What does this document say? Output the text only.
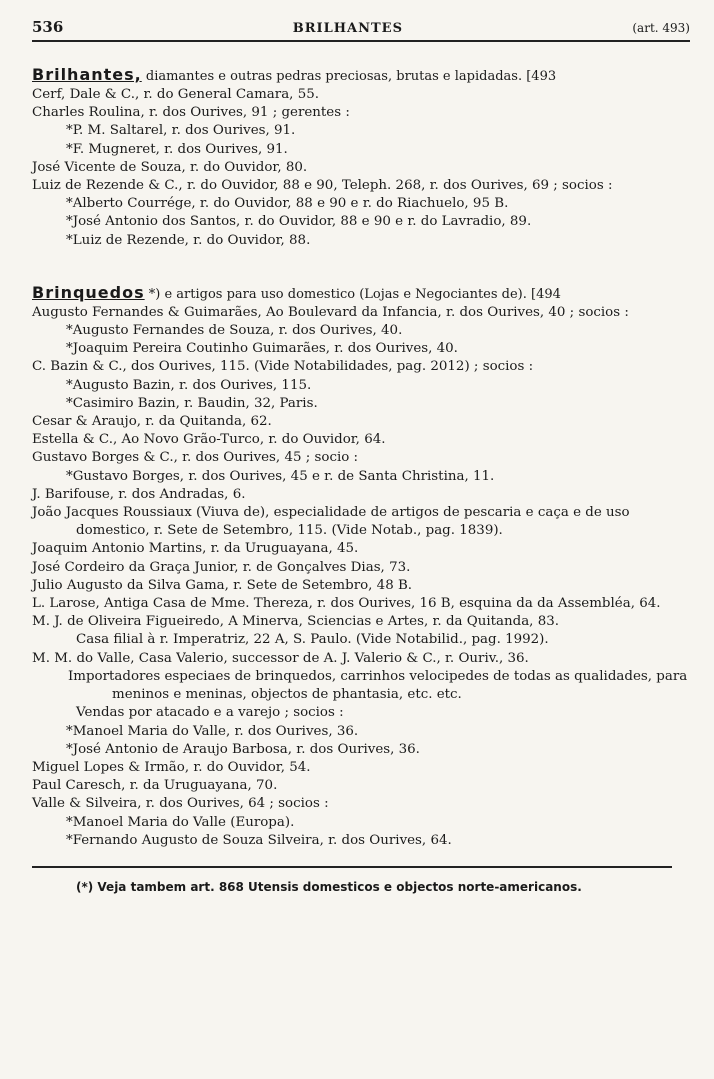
536	BRILHANTES	(art. 493)
Brilhantes, diamantes e outras pedras preciosas, brutas e lapidadas. [493

Cerf, Dale & C., r. do General Camara, 55.

Charles Roulina, r. dos Ourives, 91 ; gerentes :

*P. M. Saltarel, r. dos Ourives, 91.

*F. Mugneret, r. dos Ourives, 91.

José Vicente de Souza, r. do Ouvidor, 80.

Luiz de Rezende & C., r. do Ouvidor, 88 e 90, Teleph. 268, r. dos Ourives, 69 ; socios :

*Alberto Courrége, r. do Ouvidor, 88 e 90 e r. do Riachuelo, 95 B.

*José Antonio dos Santos, r. do Ouvidor, 88 e 90 e r. do Lavradio, 89.

*Luiz de Rezende, r. do Ouvidor, 88.

Brinquedos *) e artigos para uso domestico (Lojas e Negociantes de). [494

Augusto Fernandes & Guimarães, Ao Boulevard da Infancia, r. dos Ourives, 40 ; socios :

*Augusto Fernandes de Souza, r. dos Ourives, 40.

*Joaquim Pereira Coutinho Guimarães, r. dos Ourives, 40.

C. Bazin & C., dos Ourives, 115. (Vide Notabilidades, pag. 2012) ; socios :

*Augusto Bazin, r. dos Ourives, 115.

*Casimiro Bazin, r. Baudin, 32, Paris.

Cesar & Araujo, r. da Quitanda, 62.

Estella & C., Ao Novo Grão-Turco, r. do Ouvidor, 64.

Gustavo Borges & C., r. dos Ourives, 45 ; socio :

*Gustavo Borges, r. dos Ourives, 45 e r. de Santa Christina, 11.

J. Barifouse, r. dos Andradas, 6.

João Jacques Roussiaux (Viuva de), especialidade de artigos de pescaria e caça e de uso domestico, r. Sete de Setembro, 115. (Vide Notab., pag. 1839).

Joaquim Antonio Martins, r. da Uruguayana, 45.

José Cordeiro da Graça Junior, r. de Gonçalves Dias, 73.

Julio Augusto da Silva Gama, r. Sete de Setembro, 48 B.

L. Larose, Antiga Casa de Mme. Thereza, r. dos Ourives, 16 B, esquina da da Assembléa, 64.

M. J. de Oliveira Figueiredo, A Minerva, Sciencias e Artes, r. da Quitanda, 83.

Casa filial à r. Imperatriz, 22 A, S. Paulo. (Vide Notabilid., pag. 1992).

M. M. do Valle, Casa Valerio, successor de A. J. Valerio & C., r. Ouriv., 36.

Importadores especiaes de brinquedos, carrinhos velocipedes de todas as qualidades, para meninos e meninas, objectos de phantasia, etc. etc.

Vendas por atacado e a varejo ; socios :

*Manoel Maria do Valle, r. dos Ourives, 36.

*José Antonio de Araujo Barbosa, r. dos Ourives, 36.

Miguel Lopes & Irmão, r. do Ouvidor, 54.

Paul Caresch, r. da Uruguayana, 70.

Valle & Silveira, r. dos Ourives, 64 ; socios :

*Manoel Maria do Valle (Europa).

*Fernando Augusto de Souza Silveira, r. dos Ourives, 64.

(*) Veja tambem art. 868 Utensis domesticos e objectos norte-americanos.
